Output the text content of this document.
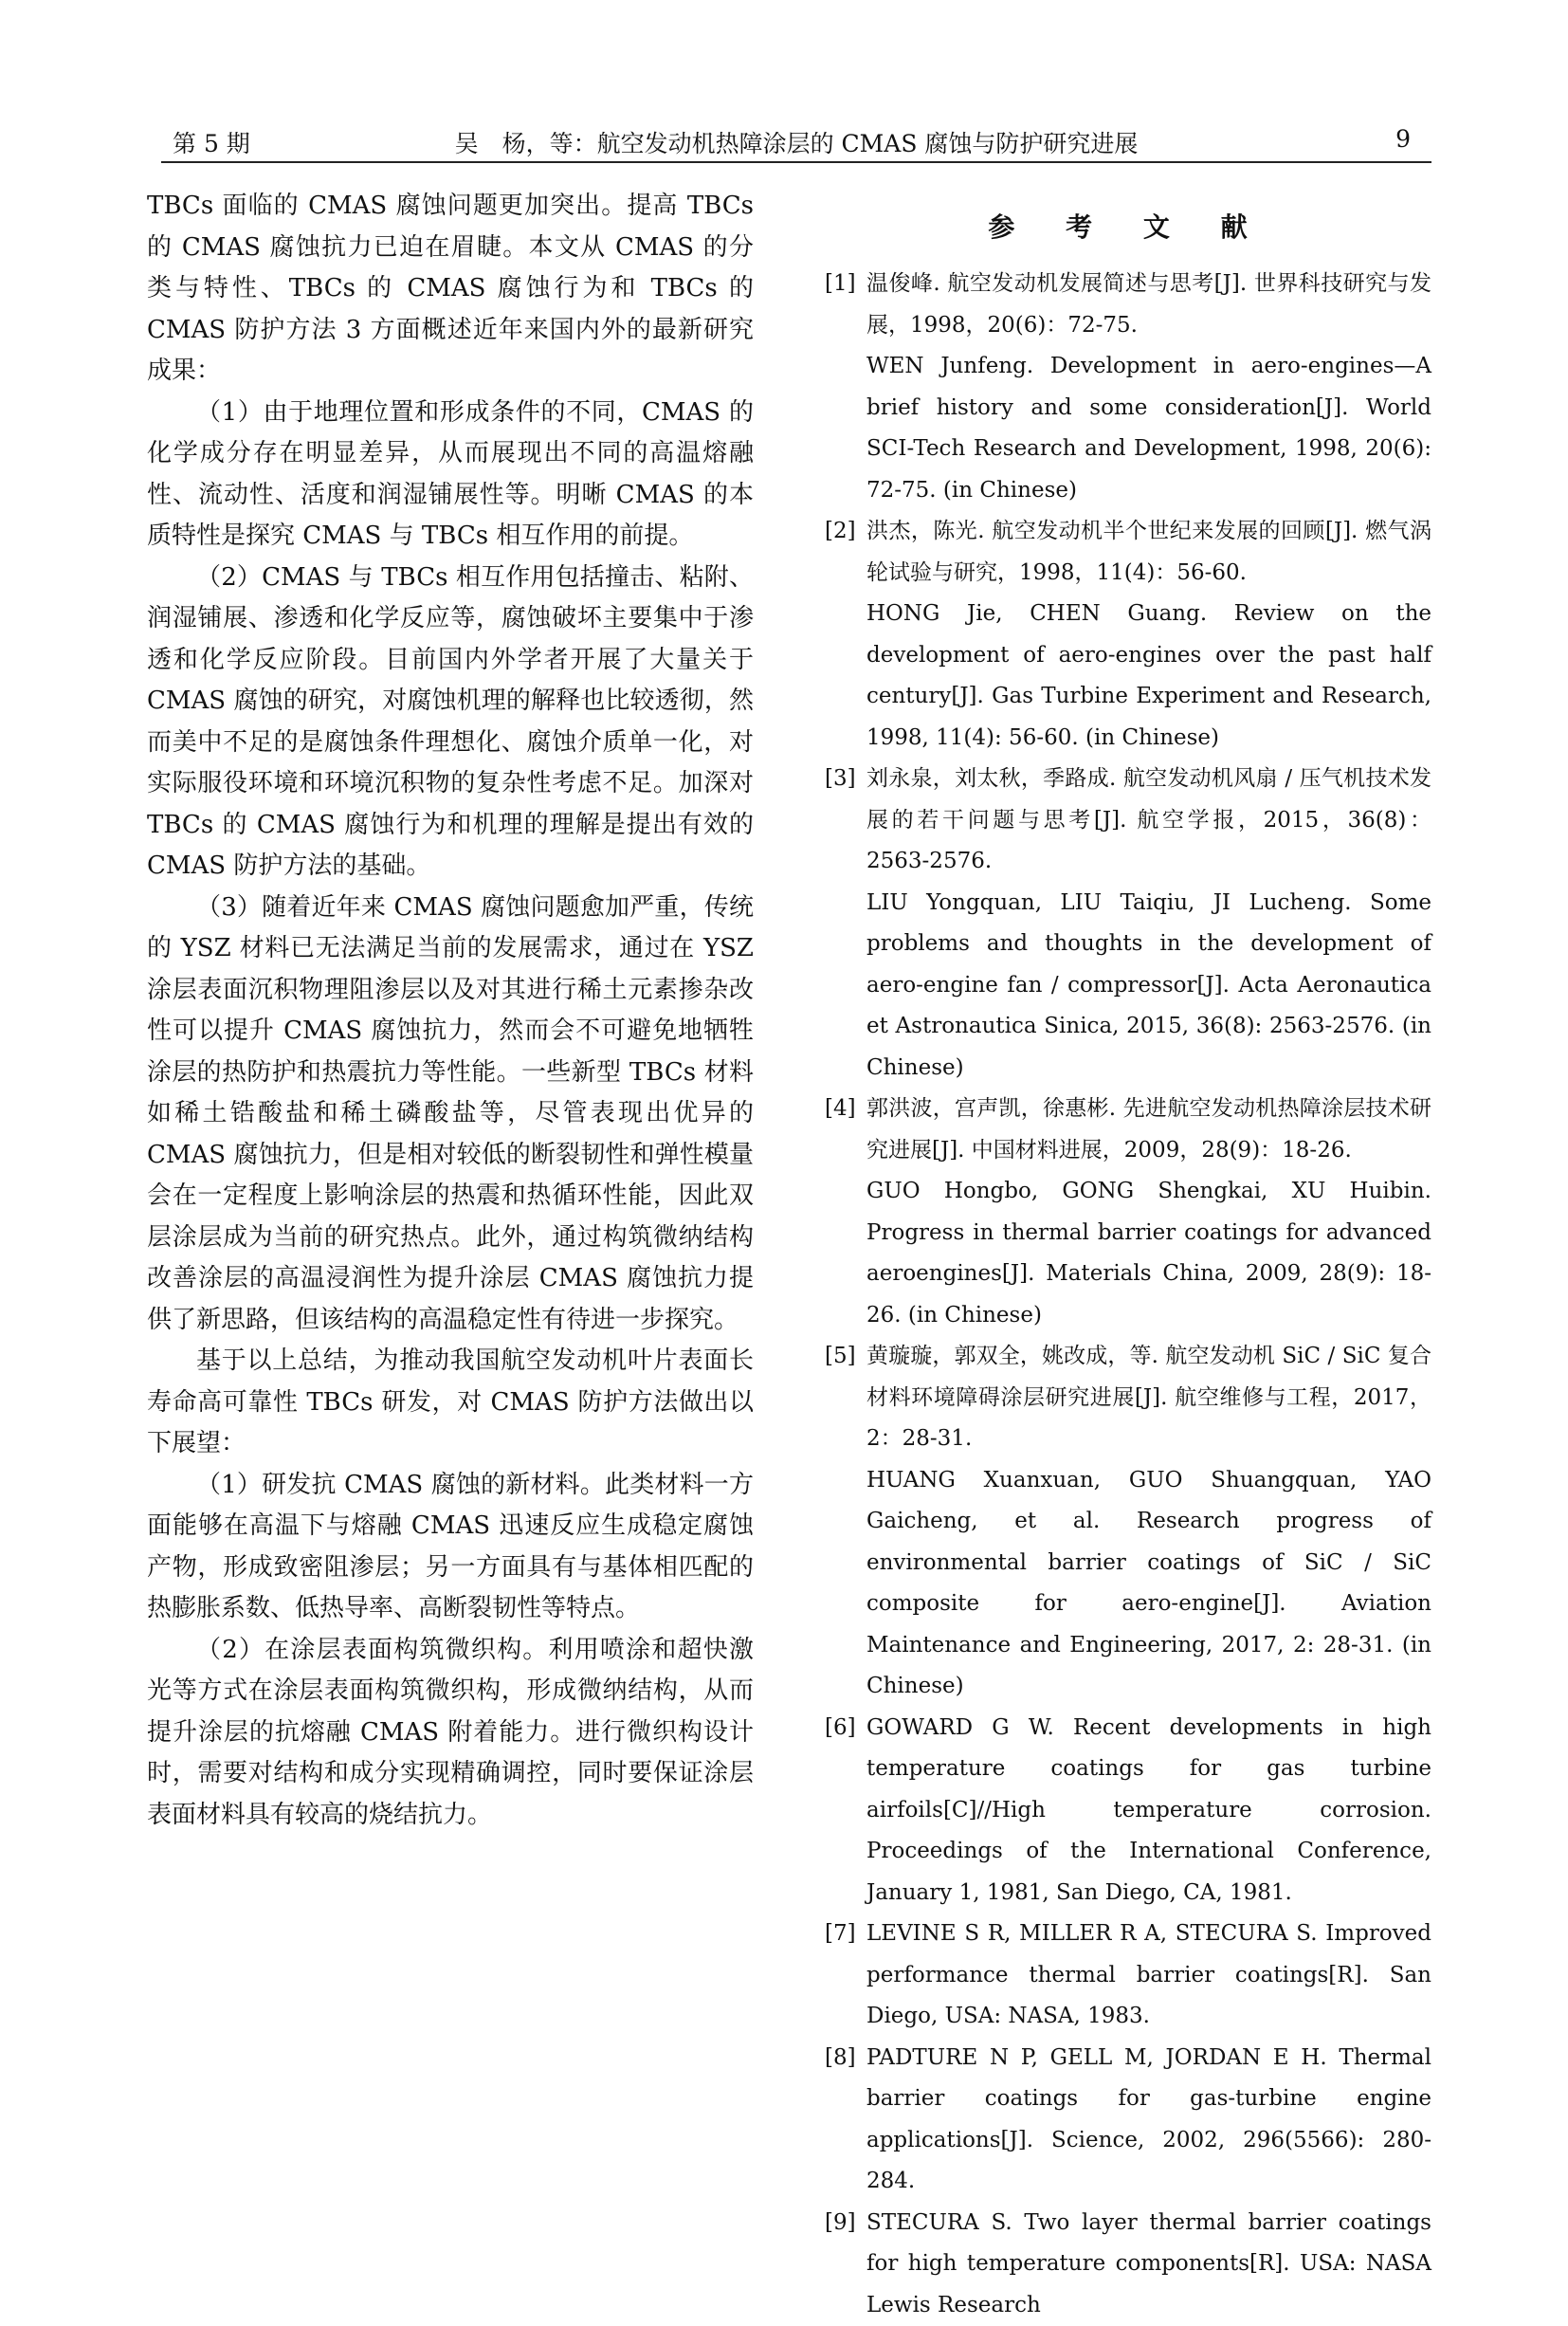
第 5 期	吴　杨，等：航空发动机热障涂层的 CMAS 腐蚀与防护研究进展	9

TBCs 面临的 CMAS 腐蚀问题更加突出。提高 TBCs 的 CMAS 腐蚀抗力已迫在眉睫。本文从 CMAS 的分类与特性、TBCs 的 CMAS 腐蚀行为和 TBCs 的 CMAS 防护方法 3 方面概述近年来国内外的最新研究成果：

（1）由于地理位置和形成条件的不同，CMAS 的化学成分存在明显差异，从而展现出不同的高温熔融性、流动性、活度和润湿铺展性等。明晰 CMAS 的本质特性是探究 CMAS 与 TBCs 相互作用的前提。

（2）CMAS 与 TBCs 相互作用包括撞击、粘附、润湿铺展、渗透和化学反应等，腐蚀破坏主要集中于渗透和化学反应阶段。目前国内外学者开展了大量关于 CMAS 腐蚀的研究，对腐蚀机理的解释也比较透彻，然而美中不足的是腐蚀条件理想化、腐蚀介质单一化，对实际服役环境和环境沉积物的复杂性考虑不足。加深对 TBCs 的 CMAS 腐蚀行为和机理的理解是提出有效的 CMAS 防护方法的基础。

（3）随着近年来 CMAS 腐蚀问题愈加严重，传统的 YSZ 材料已无法满足当前的发展需求，通过在 YSZ 涂层表面沉积物理阻渗层以及对其进行稀土元素掺杂改性可以提升 CMAS 腐蚀抗力，然而会不可避免地牺牲涂层的热防护和热震抗力等性能。一些新型 TBCs 材料如稀土锆酸盐和稀土磷酸盐等，尽管表现出优异的 CMAS 腐蚀抗力，但是相对较低的断裂韧性和弹性模量会在一定程度上影响涂层的热震和热循环性能，因此双层涂层成为当前的研究热点。此外，通过构筑微纳结构改善涂层的高温浸润性为提升涂层 CMAS 腐蚀抗力提供了新思路，但该结构的高温稳定性有待进一步探究。

基于以上总结，为推动我国航空发动机叶片表面长寿命高可靠性 TBCs 研发，对 CMAS 防护方法做出以下展望：

（1）研发抗 CMAS 腐蚀的新材料。此类材料一方面能够在高温下与熔融 CMAS 迅速反应生成稳定腐蚀产物，形成致密阻渗层；另一方面具有与基体相匹配的热膨胀系数、低热导率、高断裂韧性等特点。

（2）在涂层表面构筑微织构。利用喷涂和超快激光等方式在涂层表面构筑微织构，形成微纳结构，从而提升涂层的抗熔融 CMAS 附着能力。进行微织构设计时，需要对结构和成分实现精确调控，同时要保证涂层表面材料具有较高的烧结抗力。

参 考 文 献
[1] 温俊峰. 航空发动机发展简述与思考[J]. 世界科技研究与发展，1998，20(6)：72-75.
WEN Junfeng. Development in aero-engines—A brief history and some consideration[J]. World SCI-Tech Research and Development, 1998, 20(6): 72-75. (in Chinese)
[2] 洪杰，陈光. 航空发动机半个世纪来发展的回顾[J]. 燃气涡轮试验与研究，1998，11(4)：56-60.
HONG Jie, CHEN Guang. Review on the development of aero-engines over the past half century[J]. Gas Turbine Experiment and Research, 1998, 11(4): 56-60. (in Chinese)
[3] 刘永泉，刘太秋，季路成. 航空发动机风扇 / 压气机技术发展的若干问题与思考[J]. 航空学报，2015，36(8)：2563-2576.
LIU Yongquan, LIU Taiqiu, JI Lucheng. Some problems and thoughts in the development of aero-engine fan / compressor[J]. Acta Aeronautica et Astronautica Sinica, 2015, 36(8): 2563-2576. (in Chinese)
[4] 郭洪波，宫声凯，徐惠彬. 先进航空发动机热障涂层技术研究进展[J]. 中国材料进展，2009，28(9)：18-26.
GUO Hongbo, GONG Shengkai, XU Huibin. Progress in thermal barrier coatings for advanced aeroengines[J]. Materials China, 2009, 28(9): 18-26. (in Chinese)
[5] 黄璇璇，郭双全，姚改成，等. 航空发动机 SiC / SiC 复合材料环境障碍涂层研究进展[J]. 航空维修与工程，2017，2：28-31.
HUANG Xuanxuan, GUO Shuangquan, YAO Gaicheng, et al. Research progress of environmental barrier coatings of SiC / SiC composite for aero-engine[J]. Aviation Maintenance and Engineering, 2017, 2: 28-31. (in Chinese)
[6] GOWARD G W. Recent developments in high temperature coatings for gas turbine airfoils[C]//High temperature corrosion. Proceedings of the International Conference, January 1, 1981, San Diego, CA, 1981.
[7] LEVINE S R, MILLER R A, STECURA S. Improved performance thermal barrier coatings[R]. San Diego, USA: NASA, 1983.
[8] PADTURE N P, GELL M, JORDAN E H. Thermal barrier coatings for gas-turbine engine applications[J]. Science, 2002, 296(5566): 280-284.
[9] STECURA S. Two layer thermal barrier coatings for high temperature components[R]. USA: NASA Lewis Research
